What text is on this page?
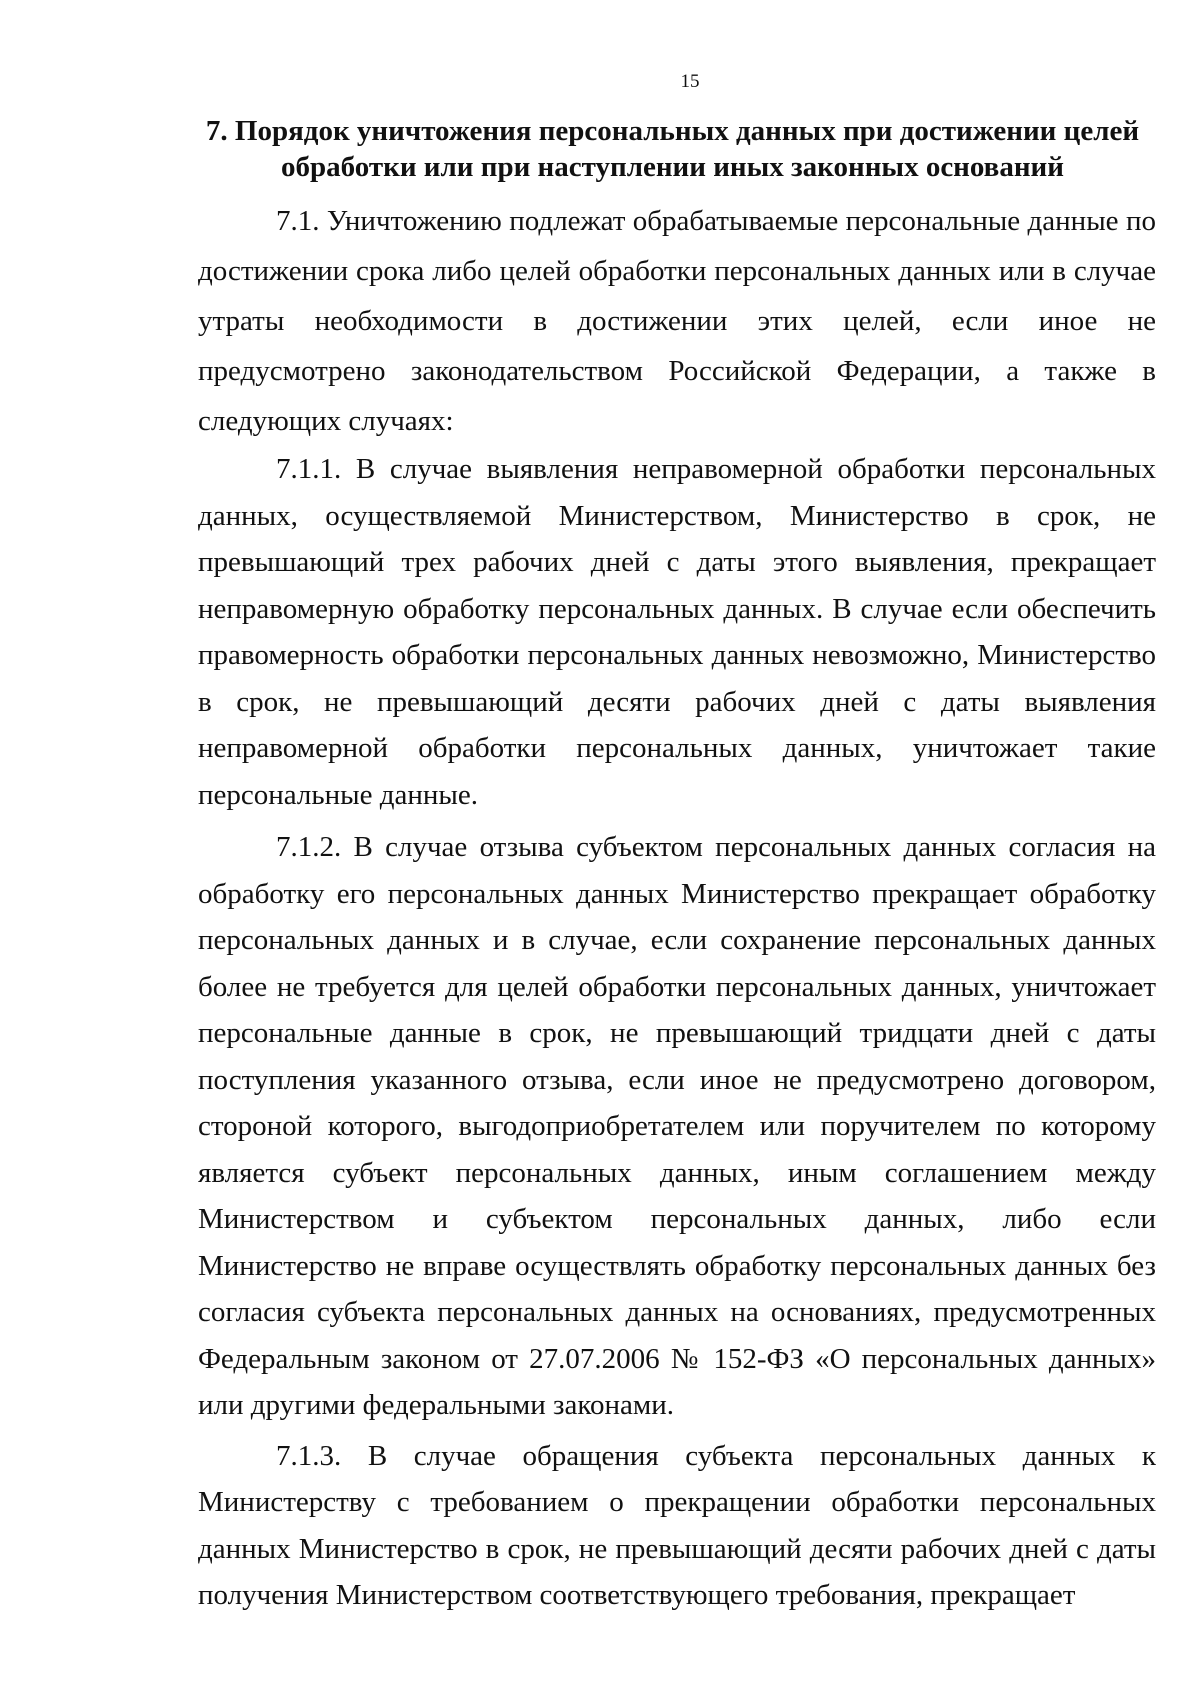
15
7. Порядок уничтожения персональных данных при достижении целей
обработки или при наступлении иных законных оснований

7.1. Уничтожению подлежат обрабатываемые персональные данные по достижении срока либо целей обработки персональных данных или в случае утраты необходимости в достижении этих целей, если иное не предусмотрено законодательством Российской Федерации, а также в следующих случаях:

7.1.1. В случае выявления неправомерной обработки персональных данных, осуществляемой Министерством, Министерство в срок, не превышающий трех рабочих дней с даты этого выявления, прекращает неправомерную обработку персональных данных. В случае если обеспечить правомерность обработки персональных данных невозможно, Министерство в срок, не превышающий десяти рабочих дней с даты выявления неправомерной обработки персональных данных, уничтожает такие персональные данные.

7.1.2. В случае отзыва субъектом персональных данных согласия на обработку его персональных данных Министерство прекращает обработку персональных данных и в случае, если сохранение персональных данных более не требуется для целей обработки персональных данных, уничтожает персональные данные в срок, не превышающий тридцати дней с даты поступления указанного отзыва, если иное не предусмотрено договором, стороной которого, выгодоприобретателем или поручителем по которому является субъект персональных данных, иным соглашением между Министерством и субъектом персональных данных, либо если Министерство не вправе осуществлять обработку персональных данных без согласия субъекта персональных данных на основаниях, предусмотренных Федеральным законом от 27.07.2006 № 152-ФЗ «О персональных данных» или другими федеральными законами.

7.1.3. В случае обращения субъекта персональных данных к Министерству с требованием о прекращении обработки персональных данных Министерство в срок, не превышающий десяти рабочих дней с даты получения Министерством соответствующего требования, прекращает
